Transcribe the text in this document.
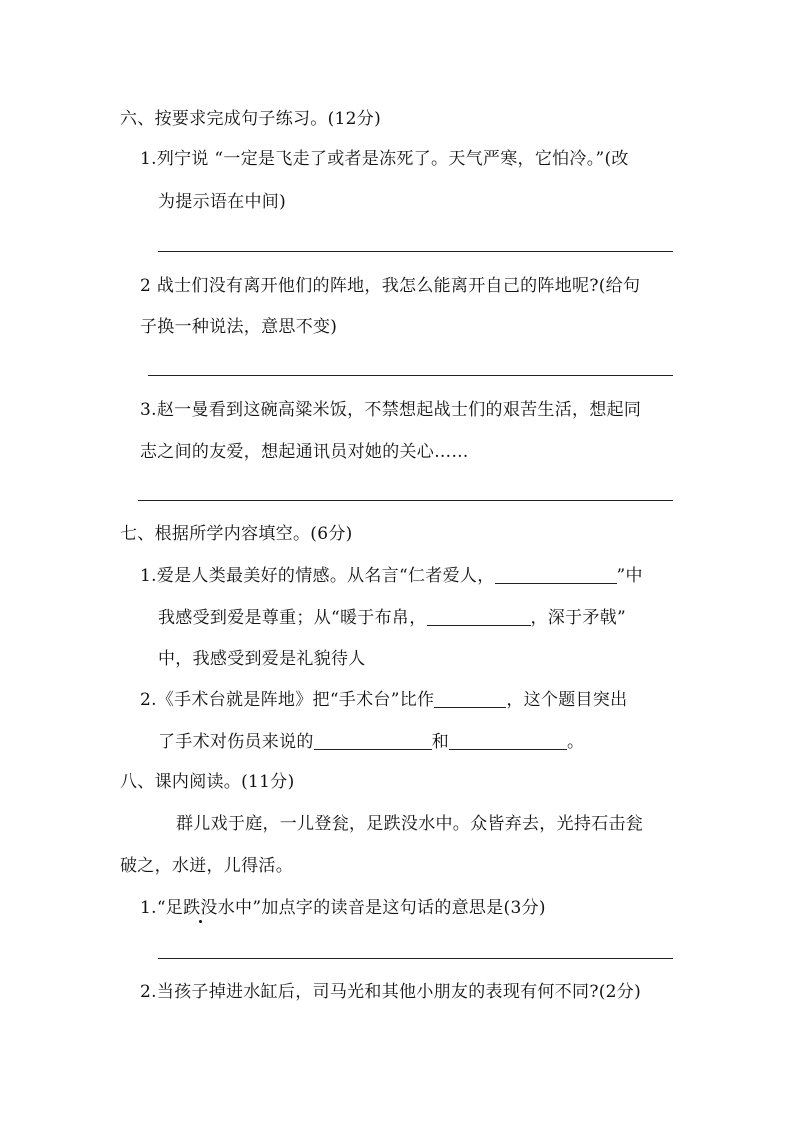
六、按要求完成句子练习。(12分)
1.列宁说 “一定是飞走了或者是冻死了。天气严寒，它怕冷。”(改
为提示语在中间)
2 战士们没有离开他们的阵地，我怎么能离开自己的阵地呢?(给句
子换一种说法，意思不变)
3.赵一曼看到这碗高粱米饭，不禁想起战士们的艰苦生活，想起同
志之间的友爱，想起通讯员对她的关心……
七、根据所学内容填空。(6分)
1.爱是人类最美好的情感。从名言“仁者爱人，	”中
我感受到爱是尊重；从“暖于布帛，	，深于矛戟”
中，我感受到爱是礼貌待人
2.《手术台就是阵地》把“手术台”比作	，这个题目突出
了手术对伤员来说的	和	。
八、课内阅读。(11分)
群儿戏于庭，一儿登瓮，足跌没水中。众皆弃去，光持石击瓮
破之，水迸，儿得活。
1.“足跌没水中”加点字的读音是这句话的意思是(3分)
2.当孩子掉进水缸后，司马光和其他小朋友的表现有何不同?(2分)
